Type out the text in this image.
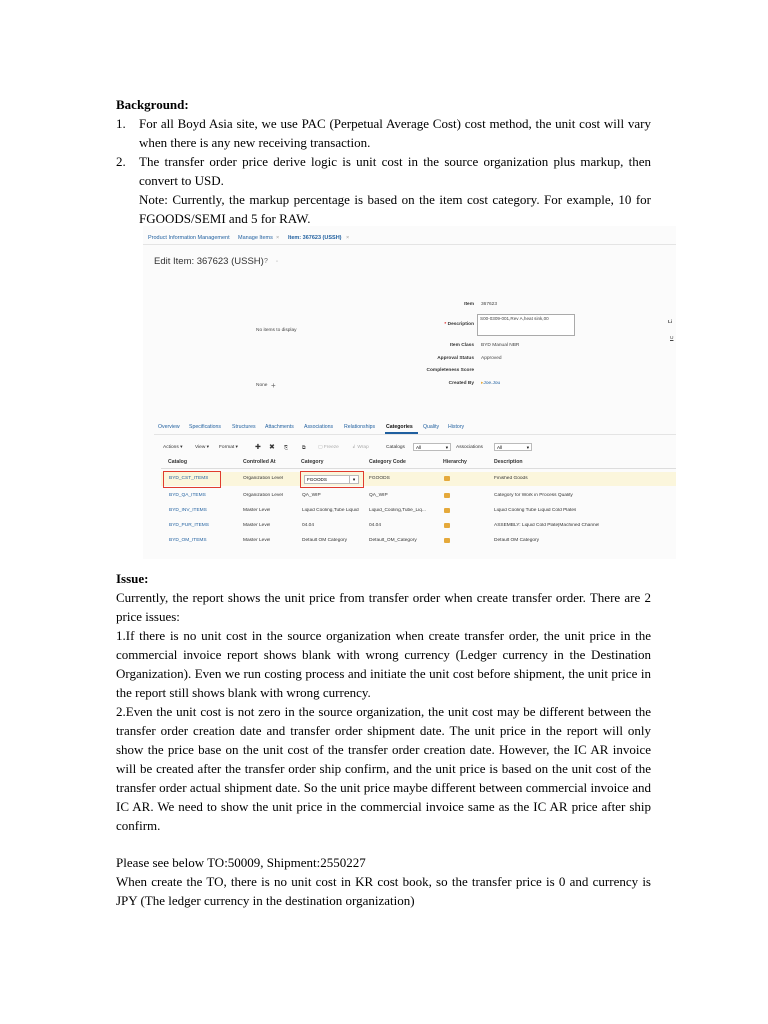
Background:
1. For all Boyd Asia site, we use PAC (Perpetual Average Cost) cost method, the unit cost will vary when there is any new receiving transaction.
2. The transfer order price derive logic is unit cost in the source organization plus markup, then convert to USD.
Note: Currently, the markup percentage is based on the item cost category. For example, 10 for FGOODS/SEMI and 5 for RAW.
Product Information Management Manage Items × Item: 367623 (USSH) ×
Edit Item: 367623 (USSH) ? ◦
No items to display
None +
Item 367623
* Description
S00-0309-001,Rev A,heat sink,00
Item Class BYD Manual NBR
Approval Status Approved
Completeness Score
Created By ▸Joe.Jou
Li
U
Overview Specifications Structures Attachments Associations Relationships Categories Quality History
Actions ▾	View ▾ Format ▾ ✚ ✖ ⎘	⧉	▢ Freeze	↲ Wrap	Catalogs	All	▾ Associations	All	▾
Catalog	Controlled At	Category	Category Code	Hierarchy	Description
BYD_CST_ITEMS	Organization Level	FGOODS	▾	FGOODS	Finished Goods
BYD_QA_ITEMS	Organization Level	QA_WIP	QA_WIP	Category for Work in Process Quality
BYD_INV_ITEMS	Master Level	Liquid Cooling,Tube Liquid	Liquid_Cooling,Tube_Liq...	Liquid Cooling Tube Liquid Cold Plates
BYD_PUR_ITEMS	Master Level	04.04	04.04	ASSEMBLY: Liquid Cold Plate|Machined Channel
BYD_OM_ITEMS	Master Level	Default OM Category	Default_OM_Category	Default OM Category
Issue:
Currently, the report shows the unit price from transfer order when create transfer order. There are 2 price issues:
1.If there is no unit cost in the source organization when create transfer order, the unit price in the commercial invoice report shows blank with wrong currency (Ledger currency in the Destination Organization). Even we run costing process and initiate the unit cost before shipment, the unit price in the report still shows blank with wrong currency.
2.Even the unit cost is not zero in the source organization, the unit cost may be different between the transfer order creation date and transfer order shipment date. The unit price in the report will only show the price base on the unit cost of the transfer order creation date. However, the IC AR invoice will be created after the transfer order ship confirm, and the unit price is based on the unit cost of the transfer order actual shipment date. So the unit price maybe different between commercial invoice and IC AR. We need to show the unit price in the commercial invoice same as the IC AR price after ship confirm.
Please see below TO:50009, Shipment:2550227
When create the TO, there is no unit cost in KR cost book, so the transfer price is 0 and currency is JPY (The ledger currency in the destination organization)
